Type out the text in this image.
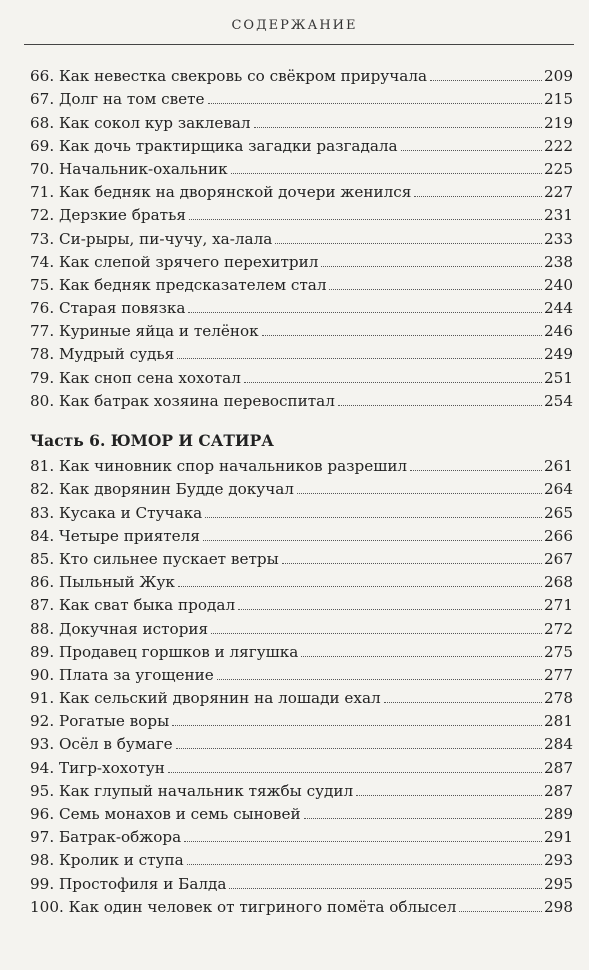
СОДЕРЖАНИЕ
66. Как невестка свекровь со свёкром приручала	209
67. Долг на том свете	215
68. Как сокол кур заклевал	219
69. Как дочь трактирщика загадки разгадала	222
70. Начальник-охальник	225
71. Как бедняк на дворянской дочери женился	227
72. Дерзкие братья	231
73. Си-рыры, пи-чучу, ха-лала	233
74. Как слепой зрячего перехитрил	238
75. Как бедняк предсказателем стал	240
76. Старая повязка	244
77. Куриные яйца и телёнок	246
78. Мудрый судья	249
79. Как сноп сена хохотал	251
80. Как батрак хозяина перевоспитал	254
Часть 6. ЮМОР И САТИРА
81. Как чиновник спор начальников разрешил	261
82. Как дворянин Будде докучал	264
83. Кусака и Стучака	265
84. Четыре приятеля	266
85. Кто сильнее пускает ветры	267
86. Пыльный Жук	268
87. Как сват быка продал	271
88. Докучная история	272
89. Продавец горшков и лягушка	275
90. Плата за угощение	277
91. Как сельский дворянин на лошади ехал	278
92. Рогатые воры	281
93. Осёл в бумаге	284
94. Тигр-хохотун	287
95. Как глупый начальник тяжбы судил	287
96. Семь монахов и семь сыновей	289
97. Батрак-обжора	291
98. Кролик и ступа	293
99. Простофиля и Балда	295
100. Как один человек от тигриного помёта облысел	298
